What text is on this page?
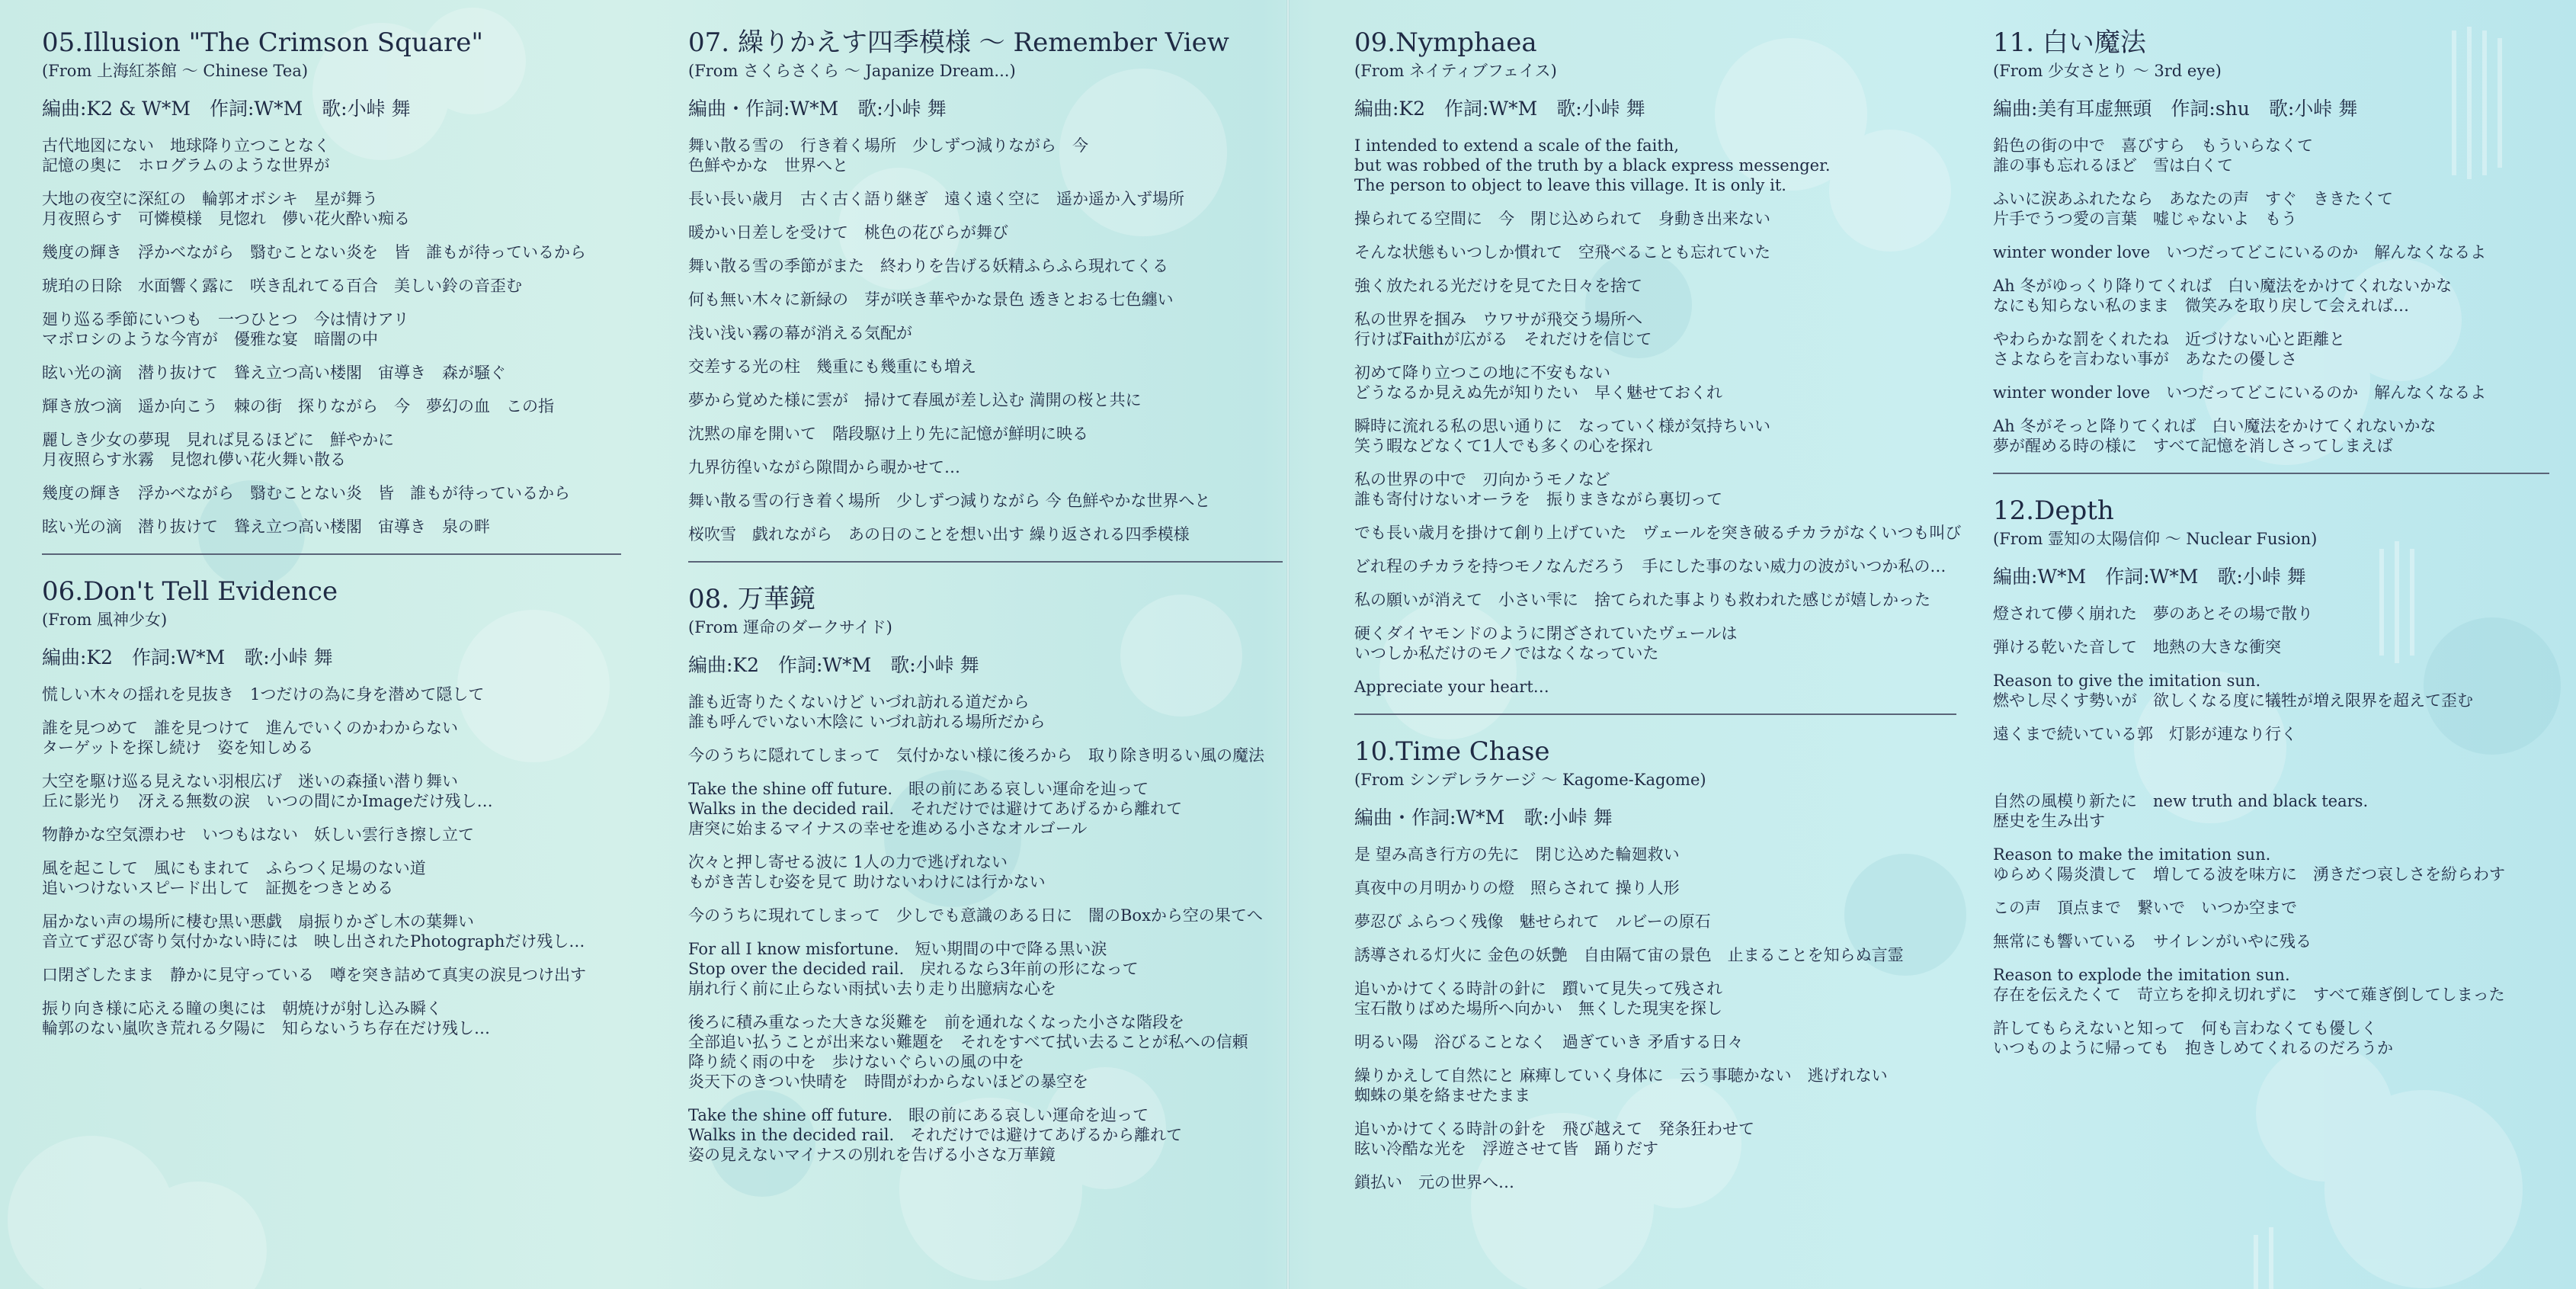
05.Illusion "The Crimson Square"
(From 上海紅茶館 ～ Chinese Tea)
編曲:K2 & W*M　作詞:W*M　歌:小峠 舞
古代地図にない　地球降り立つことなく
記憶の奥に　ホログラムのような世界が
大地の夜空に深紅の　輪郭オボシキ　星が舞う
月夜照らす　可憐模様　見惚れ　儚い花火酔い痴る
幾度の輝き　浮かべながら　翳むことない炎を　皆　誰もが待っているから
琥珀の日除　水面響く露に　咲き乱れてる百合　美しい鈴の音歪む
廻り巡る季節にいつも　一つひとつ　今は情けアリ
マボロシのような今宵が　優雅な宴　暗闇の中
眩い光の滴　潜り抜けて　聳え立つ高い楼閣　宙導き　森が騒ぐ
輝き放つ滴　遥か向こう　棘の街　探りながら　今　夢幻の血　この指
麗しき少女の夢現　見れば見るほどに　鮮やかに
月夜照らす氷霧　見惚れ儚い花火舞い散る
幾度の輝き　浮かべながら　翳むことない炎　皆　誰もが待っているから
眩い光の滴　潜り抜けて　聳え立つ高い楼閣　宙導き　泉の畔
06.Don't Tell Evidence
(From 風神少女)
編曲:K2　作詞:W*M　歌:小峠 舞
慌しい木々の揺れを見抜き　1つだけの為に身を潜めて隠して
誰を見つめて　誰を見つけて　進んでいくのかわからない
ターゲットを探し続け　姿を知しめる
大空を駆け巡る見えない羽根広げ　迷いの森掻い潜り舞い
丘に影光り　冴える無数の涙　いつの間にかImageだけ残し…
物静かな空気漂わせ　いつもはない　妖しい雲行き擦し立て
風を起こして　風にもまれて　ふらつく足場のない道
追いつけないスピード出して　証拠をつきとめる
届かない声の場所に棲む黒い悪戯　扇振りかざし木の葉舞い
音立てず忍び寄り気付かない時には　映し出されたPhotographだけ残し…
口閉ざしたまま　静かに見守っている　噂を突き詰めて真実の涙見つけ出す
振り向き様に応える瞳の奥には　朝焼けが射し込み瞬く
輪郭のない嵐吹き荒れる夕陽に　知らないうち存在だけ残し…
07. 繰りかえす四季模様 ～ Remember View
(From さくらさくら ～ Japanize Dream...)
編曲・作詞:W*M　歌:小峠 舞
舞い散る雪の　行き着く場所　少しずつ減りながら　今
色鮮やかな　世界へと
長い長い歳月　古く古く語り継ぎ　遠く遠く空に　遥か遥か入ず場所
暖かい日差しを受けて　桃色の花びらが舞び
舞い散る雪の季節がまた　終わりを告げる妖精ふらふら現れてくる
何も無い木々に新緑の　芽が咲き華やかな景色 透きとおる七色纏い
浅い浅い霧の幕が消える気配が
交差する光の柱　幾重にも幾重にも増え
夢から覚めた様に雲が　掃けて春風が差し込む 満開の桜と共に
沈黙の扉を開いて　階段駆け上り先に記憶が鮮明に映る
九界彷徨いながら隙間から覗かせて…
舞い散る雪の行き着く場所　少しずつ減りながら 今 色鮮やかな世界へと
桜吹雪　戯れながら　あの日のことを想い出す 繰り返される四季模様
08. 万華鏡
(From 運命のダークサイド)
編曲:K2　作詞:W*M　歌:小峠 舞
誰も近寄りたくないけど いづれ訪れる道だから
誰も呼んでいない木陰に いづれ訪れる場所だから
今のうちに隠れてしまって　気付かない様に後ろから　取り除き明るい風の魔法
Take the shine off future.　眼の前にある哀しい運命を辿って
Walks in the decided rail.　それだけでは避けてあげるから離れて
唐突に始まるマイナスの幸せを進める小さなオルゴール
次々と押し寄せる波に 1人の力で逃げれない
もがき苦しむ姿を見て 助けないわけには行かない
今のうちに現れてしまって　少しでも意識のある日に　闇のBoxから空の果てへ
For all I know misfortune.　短い期間の中で降る黒い涙
Stop over the decided rail.　戻れるなら3年前の形になって
崩れ行く前に止らない雨拭い去り走り出臆病な心を
後ろに積み重なった大きな災難を　前を通れなくなった小さな階段を
全部追い払うことが出来ない難題を　それをすべて拭い去ることが私への信頼
降り続く雨の中を　歩けないぐらいの風の中を
炎天下のきつい快晴を　時間がわからないほどの暴空を
Take the shine off future.　眼の前にある哀しい運命を辿って
Walks in the decided rail.　それだけでは避けてあげるから離れて
姿の見えないマイナスの別れを告げる小さな万華鏡
09.Nymphaea
(From ネイティブフェイス)
編曲:K2　作詞:W*M　歌:小峠 舞
I intended to extend a scale of the faith,
but was robbed of the truth by a black express messenger.
The person to object to leave this village. It is only it.
操られてる空間に　今　閉じ込められて　身動き出来ない
そんな状態もいつしか慣れて　空飛べることも忘れていた
強く放たれる光だけを見てた日々を捨て
私の世界を掴み　ウワサが飛交う場所へ
行けばFaithが広がる　それだけを信じて
初めて降り立つこの地に不安もない
どうなるか見えぬ先が知りたい　早く魅せておくれ
瞬時に流れる私の思い通りに　なっていく様が気持ちいい
笑う暇などなくて1人でも多くの心を探れ
私の世界の中で　刃向かうモノなど
誰も寄付けないオーラを　振りまきながら裏切って
でも長い歳月を掛けて創り上げていた　ヴェールを突き破るチカラがなくいつも叫び
どれ程のチカラを持つモノなんだろう　手にした事のない威力の波がいつか私の…
私の願いが消えて　小さい雫に　捨てられた事よりも救われた感じが嬉しかった
硬くダイヤモンドのように閉ざされていたヴェールは
いつしか私だけのモノではなくなっていた
Appreciate your heart…
10.Time Chase
(From シンデレラケージ ～ Kagome-Kagome)
編曲・作詞:W*M　歌:小峠 舞
是 望み高き行方の先に　閉じ込めた輪廻救い
真夜中の月明かりの燈　照らされて 操り人形
夢忍び ふらつく残像　魅せられて　ルビーの原石
誘導される灯火に 金色の妖艶　自由隔て宙の景色　止まることを知らぬ言霊
追いかけてくる時計の針に　躓いて見失って残され
宝石散りばめた場所へ向かい　無くした現実を探し
明るい陽　浴びることなく　過ぎていき 矛盾する日々
繰りかえして自然にと 麻痺していく身体に　云う事聴かない　逃げれない
蜘蛛の巣を絡ませたまま
追いかけてくる時計の針を　飛び越えて　発条狂わせて
眩い冷酷な光を　浮遊させて皆　踊りだす
鎖払い　元の世界へ…
11. 白い魔法
(From 少女さとり ～ 3rd eye)
編曲:美有耳虚無頭　作詞:shu　歌:小峠 舞
鉛色の街の中で　喜びすら　もういらなくて
誰の事も忘れるほど　雪は白くて
ふいに涙あふれたなら　あなたの声　すぐ　ききたくて
片手でうつ愛の言葉　嘘じゃないよ　もう
winter wonder love　いつだってどこにいるのか　解んなくなるよ
Ah 冬がゆっくり降りてくれば　白い魔法をかけてくれないかな
なにも知らない私のまま　微笑みを取り戻して会えれば…
やわらかな罰をくれたね　近づけない心と距離と
さよならを言わない事が　あなたの優しさ
winter wonder love　いつだってどこにいるのか　解んなくなるよ
Ah 冬がそっと降りてくれば　白い魔法をかけてくれないかな
夢が醒める時の様に　すべて記憶を消しさってしまえば
12.Depth
(From 霊知の太陽信仰 ～ Nuclear Fusion)
編曲:W*M　作詞:W*M　歌:小峠 舞
燈されて儚く崩れた　夢のあとその場で散り
弾ける乾いた音して　地熱の大きな衝突
Reason to give the imitation sun.
燃やし尽くす勢いが　欲しくなる度に犠牲が増え限界を超えて歪む
遠くまで続いている郭　灯影が連なり行く
自然の風模り新たに　new truth and black tears.
歴史を生み出す
Reason to make the imitation sun.
ゆらめく陽炎潰して　増してる波を味方に　湧きだつ哀しさを紛らわす
この声　頂点まで　繋いで　いつか空まで
無常にも響いている　サイレンがいやに残る
Reason to explode the imitation sun.
存在を伝えたくて　苛立ちを抑え切れずに　すべて薙ぎ倒してしまった
許してもらえないと知って　何も言わなくても優しく
いつものように帰っても　抱きしめてくれるのだろうか
